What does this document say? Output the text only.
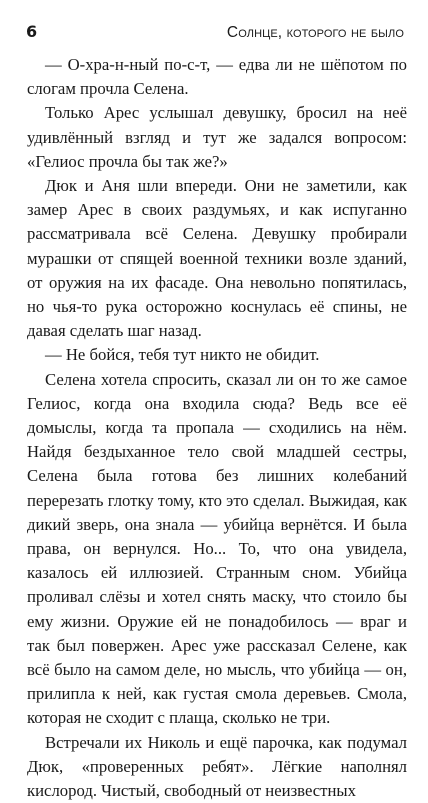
6	Солнце, которого не было

— О-хра-н-ный по-с-т, — едва ли не шёпотом по слогам прочла Селена.

Только Арес услышал девушку, бросил на неё удивлённый взгляд и тут же задался вопросом: «Гелиос прочла бы так же?»

Дюк и Аня шли впереди. Они не заметили, как замер Арес в своих раздумьях, и как испуганно рассматривала всё Селена. Девушку пробирали мурашки от спящей военной техники возле зданий, от оружия на их фасаде. Она невольно попятилась, но чья-то рука осторожно коснулась её спины, не давая сделать шаг назад.

— Не бойся, тебя тут никто не обидит.

Селена хотела спросить, сказал ли он то же самое Гелиос, когда она входила сюда? Ведь все её домыслы, когда та пропала — сходились на нём. Найдя бездыханное тело свой младшей сестры, Селена была готова без лишних колебаний перерезать глотку тому, кто это сделал. Выжидая, как дикий зверь, она знала — убийца вернётся. И была права, он вернулся. Но... То, что она увидела, казалось ей иллюзией. Странным сном. Убийца проливал слёзы и хотел снять маску, что стоило бы ему жизни. Оружие ей не понадобилось — враг и так был повержен. Арес уже рассказал Селене, как всё было на самом деле, но мысль, что убийца — он, прилипла к ней, как густая смола деревьев. Смола, которая не сходит с плаща, сколько не три.

Встречали их Николь и ещё парочка, как подумал Дюк, «проверенных ребят». Лёгкие наполнял кислород. Чистый, свободный от неизвестных
